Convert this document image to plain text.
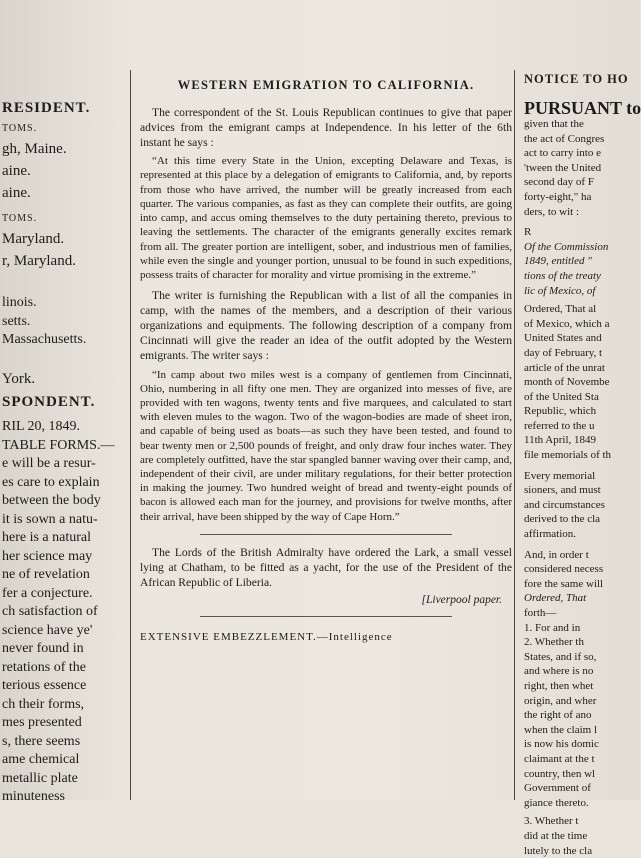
RESIDENT.
TOMS.
gh, Maine.
aine.
aine.
TOMS.
Maryland.
r, Maryland.

linois.
setts.
Massachusetts.

York.
SPONDENT.
RIL 20, 1849.
TABLE FORMS.—
e will be a resur-
es care to explain
between the body
it is sown a natu-
here is a natural
her science may
ne of revelation
fer a conjecture.
ch satisfaction of
science have ye'
never found in
retations of the
terious essence
ch their forms,
mes presented
s, there seems
ame chemical
metallic plate
minuteness
WESTERN EMIGRATION TO CALIFORNIA.

The correspondent of the St. Louis Republican continues to give that paper advices from the emigrant camps at Independence. In his letter of the 6th instant he says :

“At this time every State in the Union, excepting Delaware and Texas, is represented at this place by a delegation of emigrants to California, and, by reports from those who have arrived, the number will be greatly increased from each quarter. The various companies, as fast as they can complete their outfits, are going into camp, and accus oming themselves to the duty pertaining thereto, previous to leaving the settlements. The character of the emigrants generally excites remark from all. The greater portion are intelligent, sober, and industrious men of families, while even the single and younger portion, unusual to be found in such expeditions, possess traits of character for morality and virtue promising in the extreme.”

The writer is furnishing the Republican with a list of all the companies in camp, with the names of the members, and a description of their various organizations and equipments. The following description of a company from Cincinnati will give the reader an idea of the outfit adopted by the Western emigrants. The writer says :

“In camp about two miles west is a company of gentlemen from Cincinnati, Ohio, numbering in all fifty one men. They are organized into messes of five, are provided with ten wagons, twenty tents and five marquees, and calculated to start with eleven mules to the wagon. Two of the wagon-bodies are made of sheet iron, and capable of being used as boats—as such they have been tested, and found to bear twenty men or 2,500 pounds of freight, and only draw four inches water. They are completely outfitted, have the star spangled banner waving over their camp, and, independent of their civil, are under military regulations, for their better protection in making the journey. Two hundred weight of bread and twenty-eight pounds of bacon is allowed each man for the journey, and provisions for twelve months, after their arrival, have been shipped by the way of Cape Horn.”

The Lords of the British Admiralty have ordered the Lark, a small vessel lying at Chatham, to be fitted as a yacht, for the use of the President of the African Republic of Liberia.

[Liverpool paper.
EXTENSIVE EMBEZZLEMENT.—Intelligence
NOTICE TO HO
PURSUANT to
given that the
the act of Congres
act to carry into e
'tween the United
second day of F
forty-eight," ha
ders, to wit :
R
Of the Commission
1849, entitled "
tions of the treaty
lic of Mexico, of
Ordered, That al
of Mexico, which a
United States and
day of February, t
article of the unrat
month of Novembe
of the United Sta
Republic, which
referred to the u
11th April, 1849
file memorials of th
Every memorial
sioners, and must
and circumstances
derived to the cla
affirmation.
And, in order t
considered necess
fore the same will
Ordered, That
forth—
1. For and in
2. Whether th
States, and if so,
and where is no
right, then whet
origin, and wher
the right of ano
when the claim l
is now his domic
claimant at the t
country, then wl
Government of
giance thereto.
3. Whether t
did at the time
lutely to the cla
